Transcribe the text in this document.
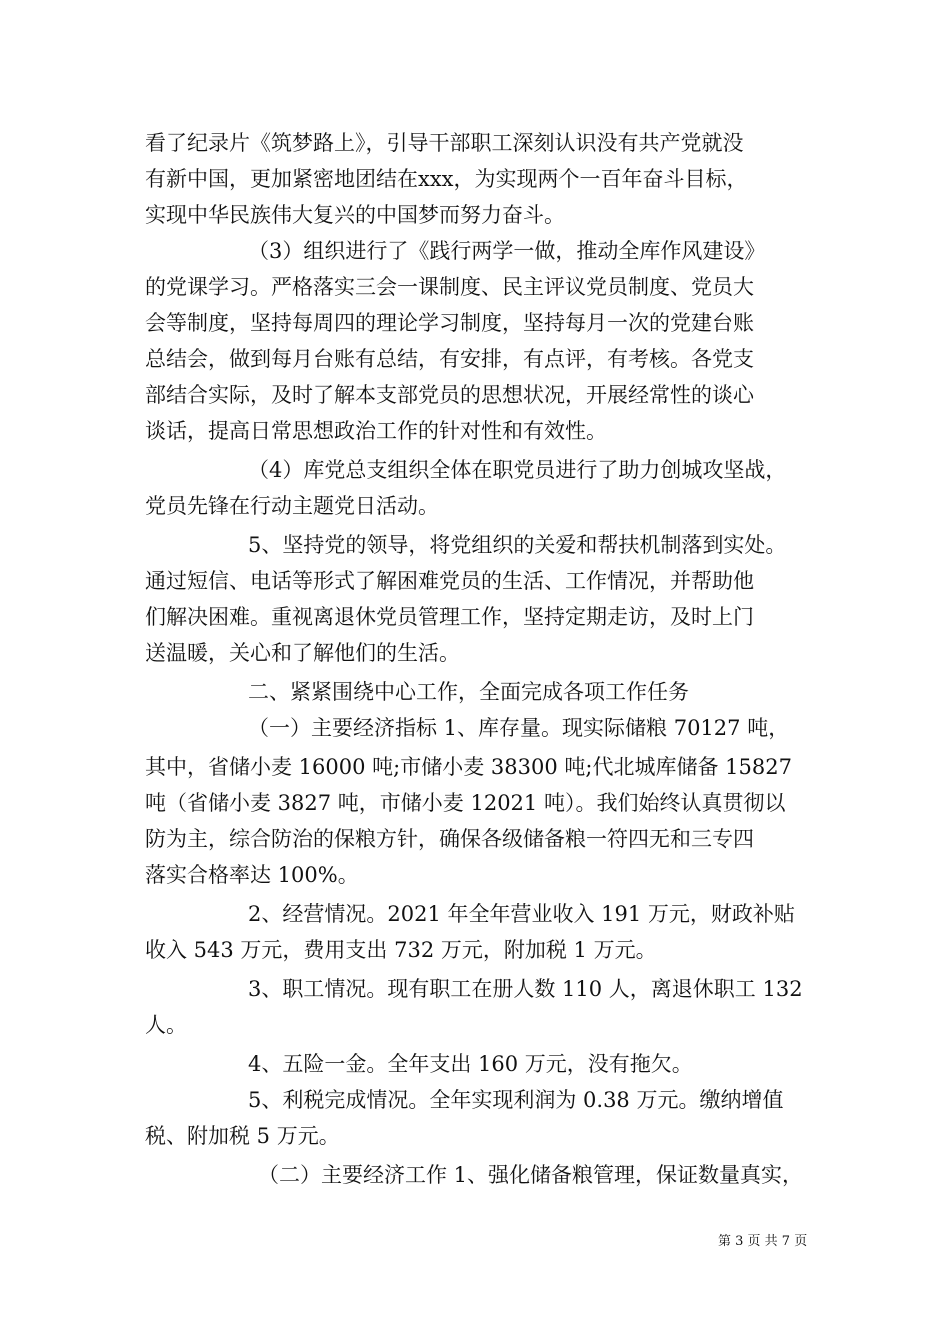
看了纪录片《筑梦路上》，引导干部职工深刻认识没有共产党就没
有新中国，更加紧密地团结在xxx，为实现两个一百年奋斗目标，
实现中华民族伟大复兴的中国梦而努力奋斗。
（3）组织进行了《践行两学一做，推动全库作风建设》
的党课学习。严格落实三会一课制度、民主评议党员制度、党员大
会等制度，坚持每周四的理论学习制度，坚持每月一次的党建台账
总结会，做到每月台账有总结，有安排，有点评，有考核。各党支
部结合实际，及时了解本支部党员的思想状况，开展经常性的谈心
谈话，提高日常思想政治工作的针对性和有效性。
（4）库党总支组织全体在职党员进行了助力创城攻坚战，
党员先锋在行动主题党日活动。
5、坚持党的领导，将党组织的关爱和帮扶机制落到实处。
通过短信、电话等形式了解困难党员的生活、工作情况，并帮助他
们解决困难。重视离退休党员管理工作，坚持定期走访，及时上门
送温暖，关心和了解他们的生活。
二、紧紧围绕中心工作，全面完成各项工作任务
（一）主要经济指标 1、库存量。现实际储粮 70127 吨，
其中，省储小麦 16000 吨;市储小麦 38300 吨;代北城库储备 15827
吨（省储小麦 3827 吨，市储小麦 12021 吨）。我们始终认真贯彻以
防为主，综合防治的保粮方针，确保各级储备粮一符四无和三专四
落实合格率达 100%。
2、经营情况。2021 年全年营业收入 191 万元，财政补贴
收入 543 万元，费用支出 732 万元，附加税 1 万元。
3、职工情况。现有职工在册人数 110 人，离退休职工 132
人。
4、五险一金。全年支出 160 万元，没有拖欠。
5、利税完成情况。全年实现利润为 0.38 万元。缴纳增值
税、附加税 5 万元。
（二）主要经济工作 1、强化储备粮管理，保证数量真实，
第 3 页 共 7 页
